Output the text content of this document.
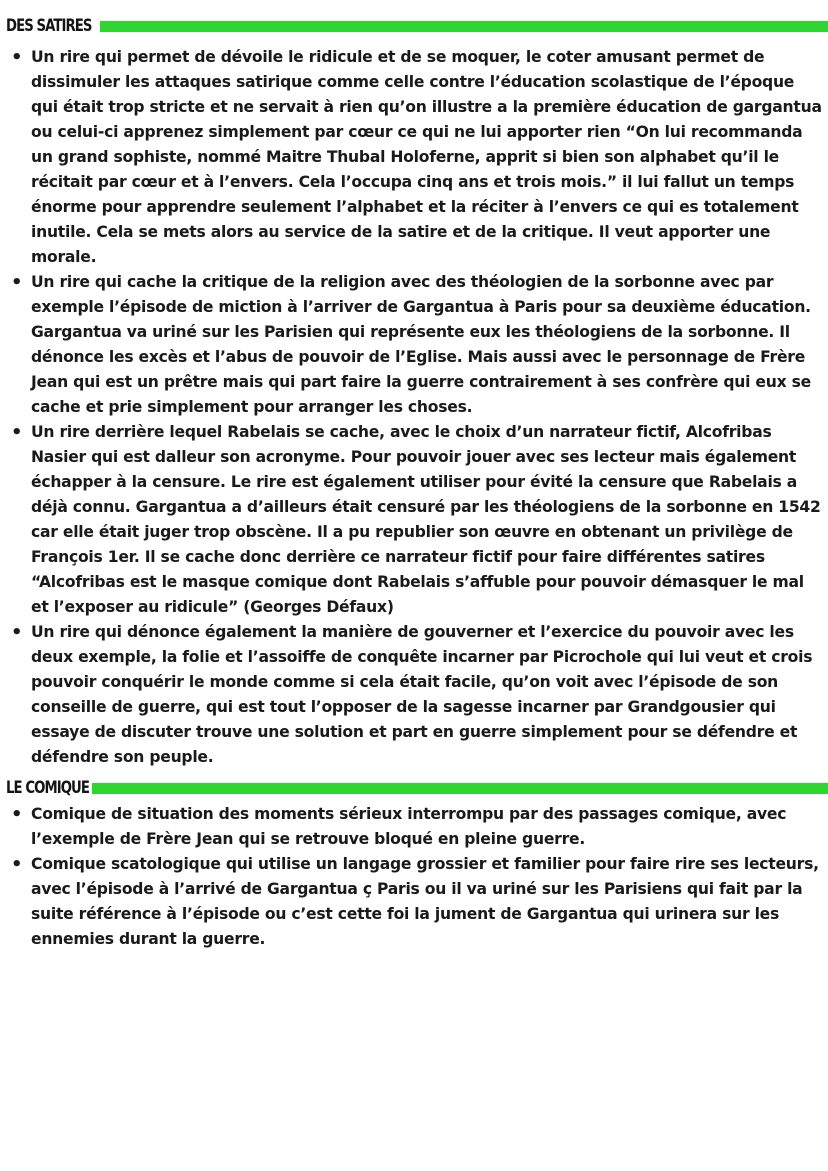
DES SATIRES
• Un rire qui permet de dévoile le ridicule et de se moquer, le coter amusant permet de dissimuler les attaques satirique comme celle contre l’éducation scolastique de l’époque qui était trop stricte et ne servait à rien qu’on illustre a la première éducation de gargantua ou celui-ci apprenez simplement par cœur ce qui ne lui apporter rien “On lui recommanda un grand sophiste, nommé Maitre Thubal Holoferne, apprit si bien son alphabet qu’il le récitait par cœur et à l’envers. Cela l’occupa cinq ans et trois mois.” il lui fallut un temps énorme pour apprendre seulement l’alphabet et la réciter à l’envers ce qui es totalement inutile. Cela se mets alors au service de la satire et de la critique. Il veut apporter une morale.
• Un rire qui cache la critique de la religion avec des théologien de la sorbonne avec par exemple l’épisode de miction à l’arriver de Gargantua à Paris pour sa deuxième éducation. Gargantua va uriné sur les Parisien qui représente eux les théologiens de la sorbonne. Il dénonce les excès et l’abus de pouvoir de l’Eglise. Mais aussi avec le personnage de Frère Jean qui est un prêtre mais qui part faire la guerre contrairement à ses confrère qui eux se cache et prie simplement pour arranger les choses.
• Un rire derrière lequel Rabelais se cache, avec le choix d’un narrateur fictif, Alcofribas Nasier qui est dalleur son acronyme. Pour pouvoir jouer avec ses lecteur mais également échapper à la censure. Le rire est également utiliser pour évité la censure que Rabelais a déjà connu. Gargantua a d’ailleurs était censuré par les théologiens de la sorbonne en 1542 car elle était juger trop obscène. Il a pu republier son œuvre en obtenant un privilège de François 1er. Il se cache donc derrière ce narrateur fictif pour faire différentes satires “Alcofribas est le masque comique dont Rabelais s’affuble pour pouvoir démasquer le mal et l’exposer au ridicule” (Georges Défaux)
• Un rire qui dénonce également la manière de gouverner et l’exercice du pouvoir avec les deux exemple, la folie et l’assoiffe de conquête incarner par Picrochole qui lui veut et crois pouvoir conquérir le monde comme si cela était facile, qu’on voit avec l’épisode de son conseille de guerre, qui est tout l’opposer de la sagesse incarner par Grandgousier qui essaye de discuter trouve une solution et part en guerre simplement pour se défendre et défendre son peuple.
LE COMIQUE
• Comique de situation des moments sérieux interrompu par des passages comique, avec l’exemple de Frère Jean qui se retrouve bloqué en pleine guerre.
• Comique scatologique qui utilise un langage grossier et familier pour faire rire ses lecteurs, avec l’épisode à l’arrivé de Gargantua ç Paris ou il va uriné sur les Parisiens qui fait par la suite référence à l’épisode ou c’est cette foi la jument de Gargantua qui urinera sur les ennemies durant la guerre.
